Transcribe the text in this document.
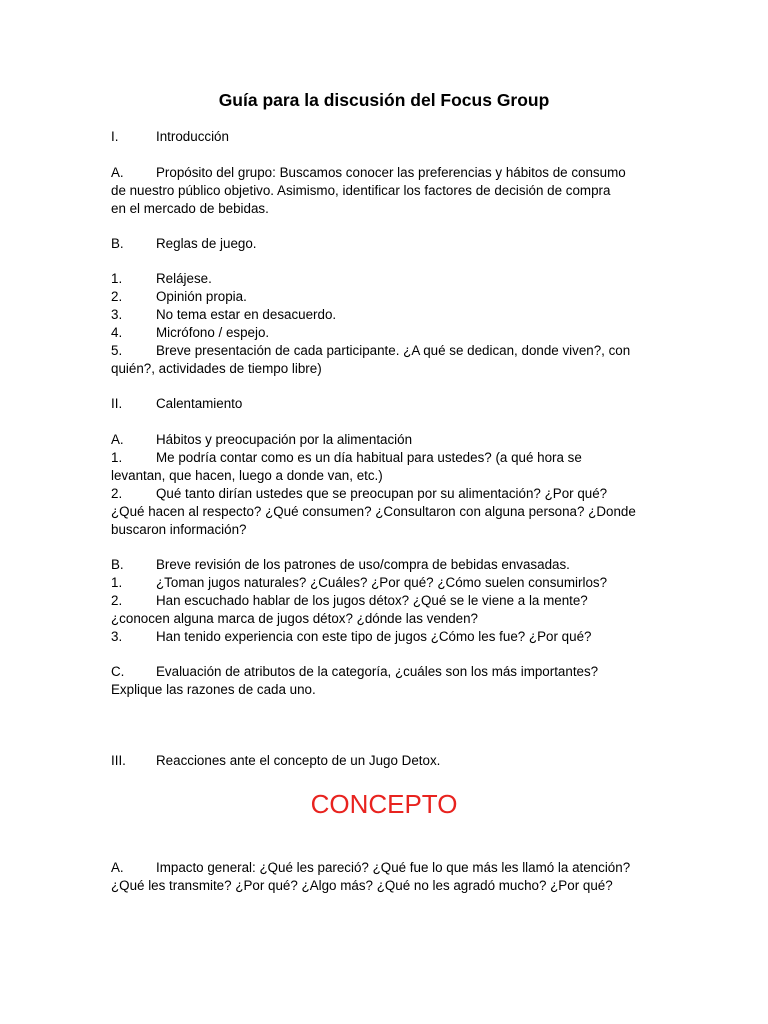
Guía para la discusión del Focus Group
I.	Introducción
A. Propósito del grupo: Buscamos conocer las preferencias y hábitos de consumo
de nuestro público objetivo. Asimismo, identificar los factores de decisión de compra
en el mercado de bebidas.
B. Reglas de juego.
1.	Relájese.
2.	Opinión propia.
3.	No tema estar en desacuerdo.
4.	Micrófono / espejo.
5.	Breve presentación de cada participante. ¿A qué se dedican, donde viven?, con
quién?, actividades de tiempo libre)
II.	Calentamiento
A. Hábitos y preocupación por la alimentación
1.	Me podría contar como es un día habitual para ustedes? (a qué hora se
levantan, que hacen, luego a donde van, etc.)
2.	Qué tanto dirían ustedes que se preocupan por su alimentación? ¿Por qué?
¿Qué hacen al respecto? ¿Qué consumen? ¿Consultaron con alguna persona? ¿Donde
buscaron información?
B. Breve revisión de los patrones de uso/compra de bebidas envasadas.
1.	¿Toman jugos naturales? ¿Cuáles? ¿Por qué? ¿Cómo suelen consumirlos?
2.	Han escuchado hablar de los jugos détox? ¿Qué se le viene a la mente?
¿conocen alguna marca de jugos détox? ¿dónde las venden?
3.	Han tenido experiencia con este tipo de jugos ¿Cómo les fue? ¿Por qué?
C. Evaluación de atributos de la categoría, ¿cuáles son los más importantes?
Explique las razones de cada uno.
III. Reacciones ante el concepto de un Jugo Detox.
CONCEPTO
A. Impacto general: ¿Qué les pareció? ¿Qué fue lo que más les llamó la atención?
¿Qué les transmite? ¿Por qué? ¿Algo más? ¿Qué no les agradó mucho? ¿Por qué?
